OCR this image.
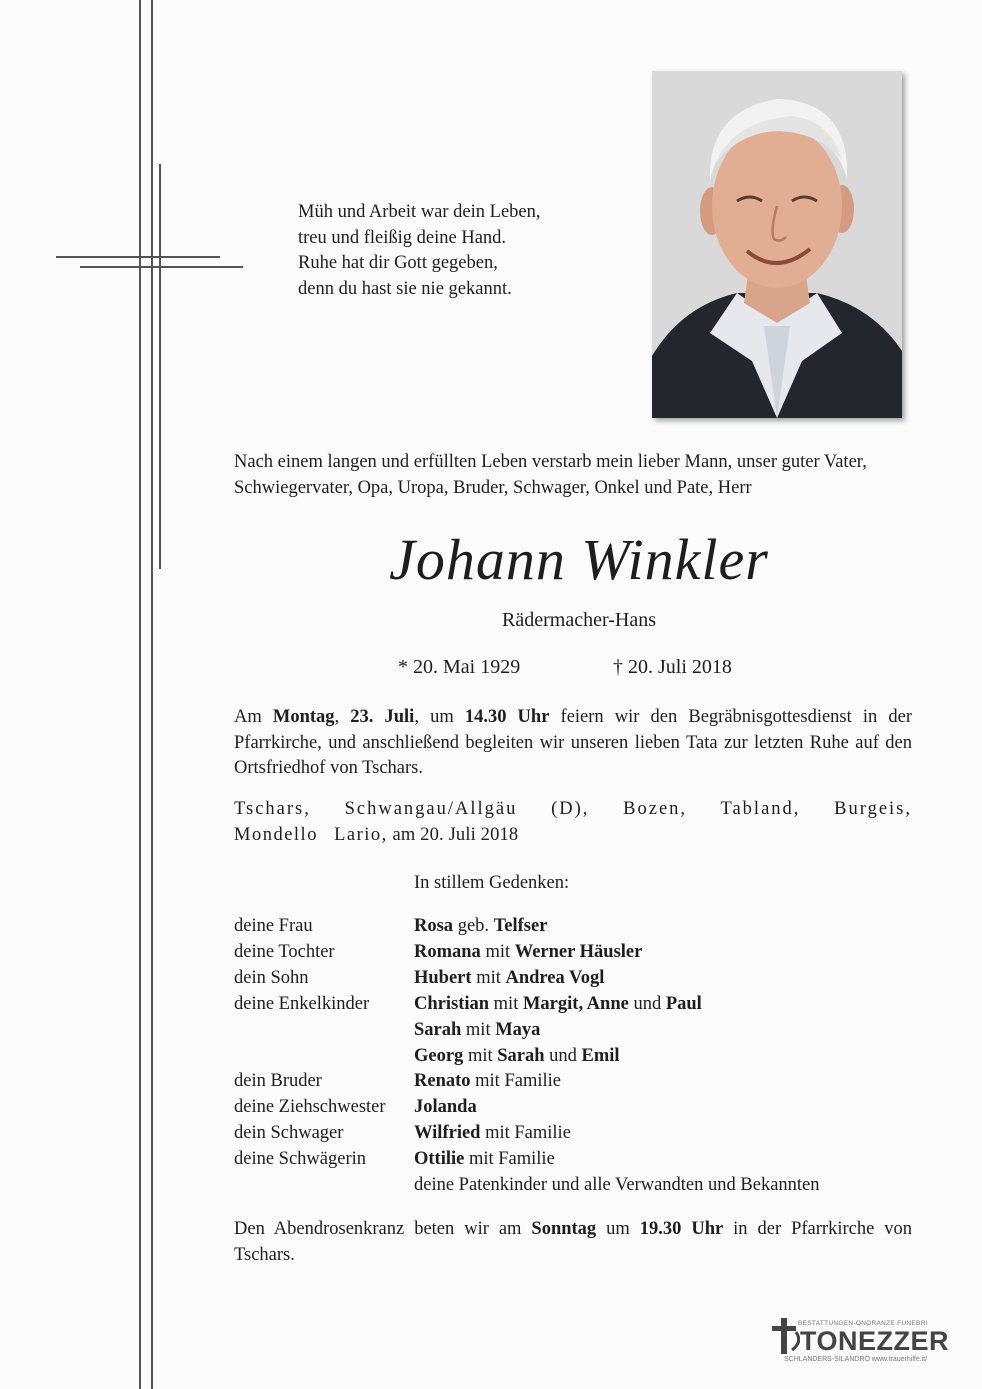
Müh und Arbeit war dein Leben,
treu und fleißig deine Hand.
Ruhe hat dir Gott gegeben,
denn du hast sie nie gekannt.
Nach einem langen und erfüllten Leben verstarb mein lieber Mann, unser guter Vater,
Schwiegervater, Opa, Uropa, Bruder, Schwager, Onkel und Pate, Herr
Johann Winkler
Rädermacher-Hans
* 20. Mai 1929	† 20. Juli 2018
Am Montag, 23. Juli, um 14.30 Uhr feiern wir den Begräbnisgottesdienst in der Pfarrkirche, und anschließend begleiten wir unseren lieben Tata zur letzten Ruhe auf den Ortsfriedhof von Tschars.
Tschars, Schwangau/Allgäu (D), Bozen, Tabland, Burgeis,
Mondello Lario, am 20. Juli 2018
In stillem Gedenken:
deine Frau	Rosa geb. Telfser
deine Tochter	Romana mit Werner Häusler
dein Sohn	Hubert mit Andrea Vogl
deine Enkelkinder	Christian mit Margit, Anne und Paul
Sarah mit Maya
Georg mit Sarah und Emil
dein Bruder	Renato mit Familie
deine Ziehschwester	Jolanda
dein Schwager	Wilfried mit Familie
deine Schwägerin	Ottilie mit Familie
deine Patenkinder und alle Verwandten und Bekannten
Den Abendrosenkranz beten wir am Sonntag um 19.30 Uhr in der Pfarrkirche von Tschars.
BESTATTUNGEN-ONORANZE FUNEBRI
TONEZZER
SCHLANDERS-SILANDRO www.trauerhilfe.it/
